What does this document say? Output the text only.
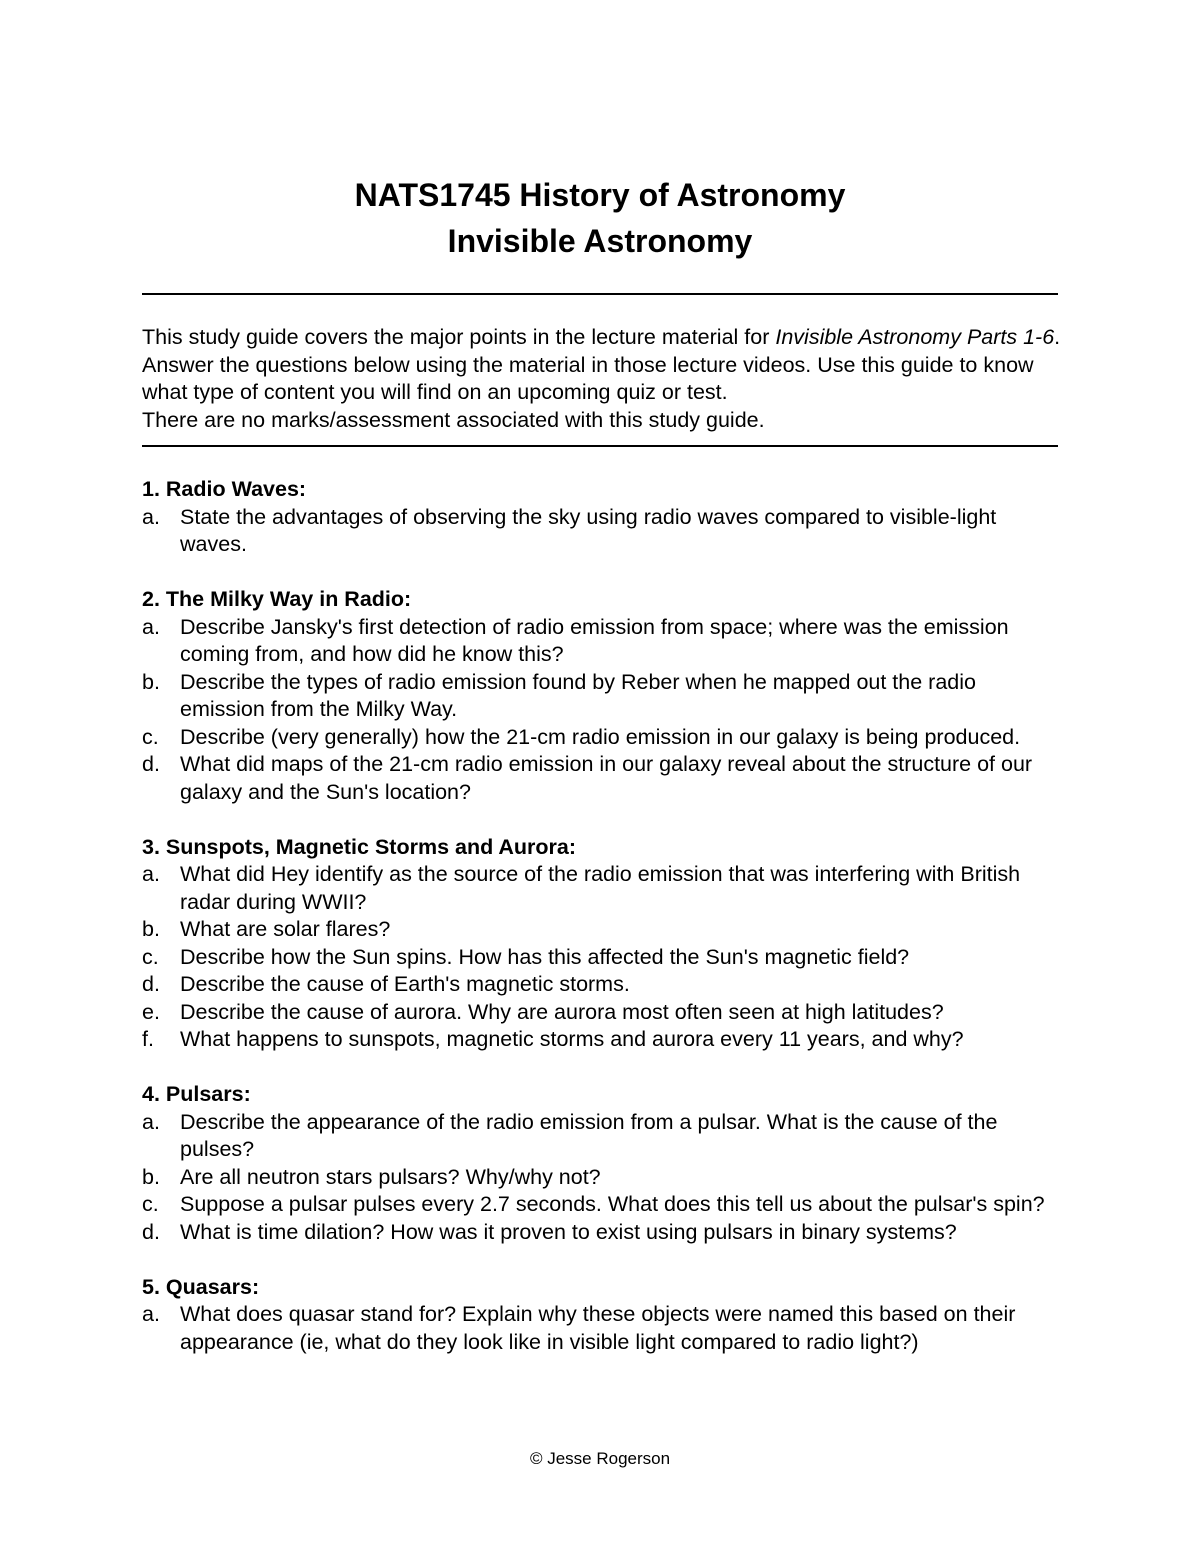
NATS1745 History of Astronomy
Invisible Astronomy

This study guide covers the major points in the lecture material for Invisible Astronomy Parts 1-6. Answer the questions below using the material in those lecture videos. Use this guide to know what type of content you will find on an upcoming quiz or test.

There are no marks/assessment associated with this study guide.

1. Radio Waves:
a. State the advantages of observing the sky using radio waves compared to visible-light waves.
2. The Milky Way in Radio:
a. Describe Jansky's first detection of radio emission from space; where was the emission coming from, and how did he know this?
b. Describe the types of radio emission found by Reber when he mapped out the radio emission from the Milky Way.
c. Describe (very generally) how the 21-cm radio emission in our galaxy is being produced.
d. What did maps of the 21-cm radio emission in our galaxy reveal about the structure of our galaxy and the Sun's location?
3. Sunspots, Magnetic Storms and Aurora:
a. What did Hey identify as the source of the radio emission that was interfering with British radar during WWII?
b. What are solar flares?
c. Describe how the Sun spins. How has this affected the Sun's magnetic field?
d. Describe the cause of Earth's magnetic storms.
e. Describe the cause of aurora. Why are aurora most often seen at high latitudes?
f.	What happens to sunspots, magnetic storms and aurora every 11 years, and why?
4. Pulsars:
a. Describe the appearance of the radio emission from a pulsar. What is the cause of the pulses?
b. Are all neutron stars pulsars? Why/why not?
c. Suppose a pulsar pulses every 2.7 seconds. What does this tell us about the pulsar's spin?
d. What is time dilation? How was it proven to exist using pulsars in binary systems?
5. Quasars:
a. What does quasar stand for? Explain why these objects were named this based on their appearance (ie, what do they look like in visible light compared to radio light?)
© Jesse Rogerson
